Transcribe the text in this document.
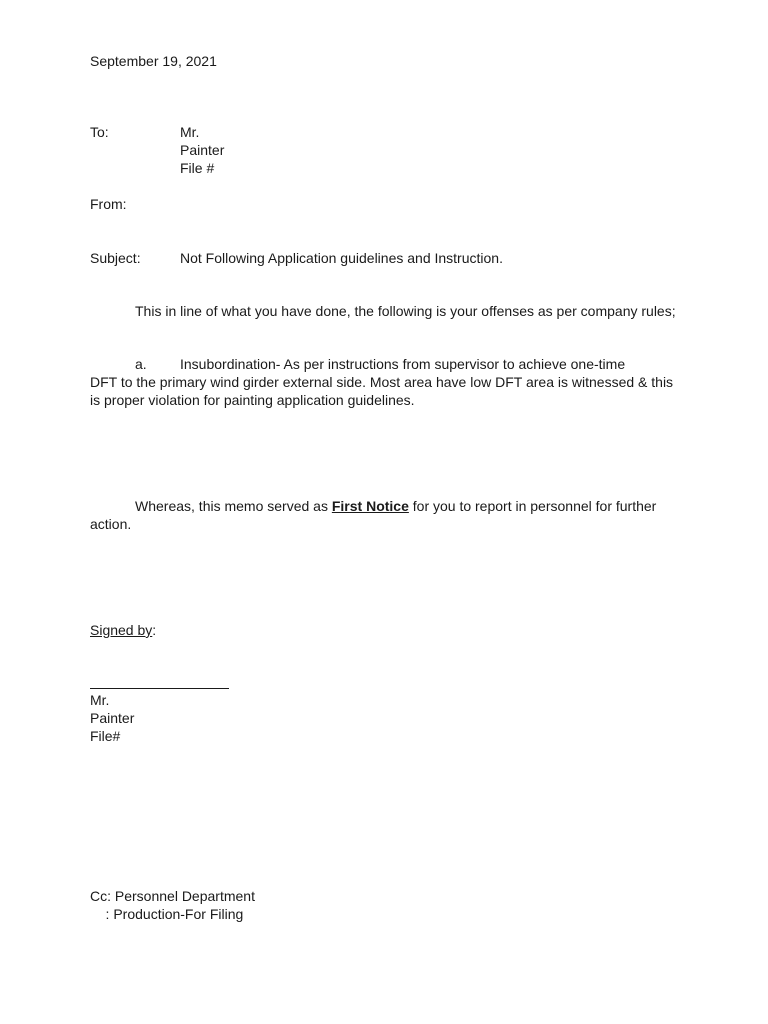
September 19, 2021
To:	Mr.
Painter
File #
From:
Subject:	Not Following Application guidelines and Instruction.
This in line of what you have done, the following is your offenses as per company rules;
a. Insubordination- As per instructions from supervisor to achieve one-time
DFT to the primary wind girder external side. Most area have low DFT area is witnessed & this is proper violation for painting application guidelines.
Whereas, this memo served as First Notice for you to report in personnel for further action.
Signed by:
Mr.
Painter
File#
Cc: Personnel Department
: Production-For Filing
